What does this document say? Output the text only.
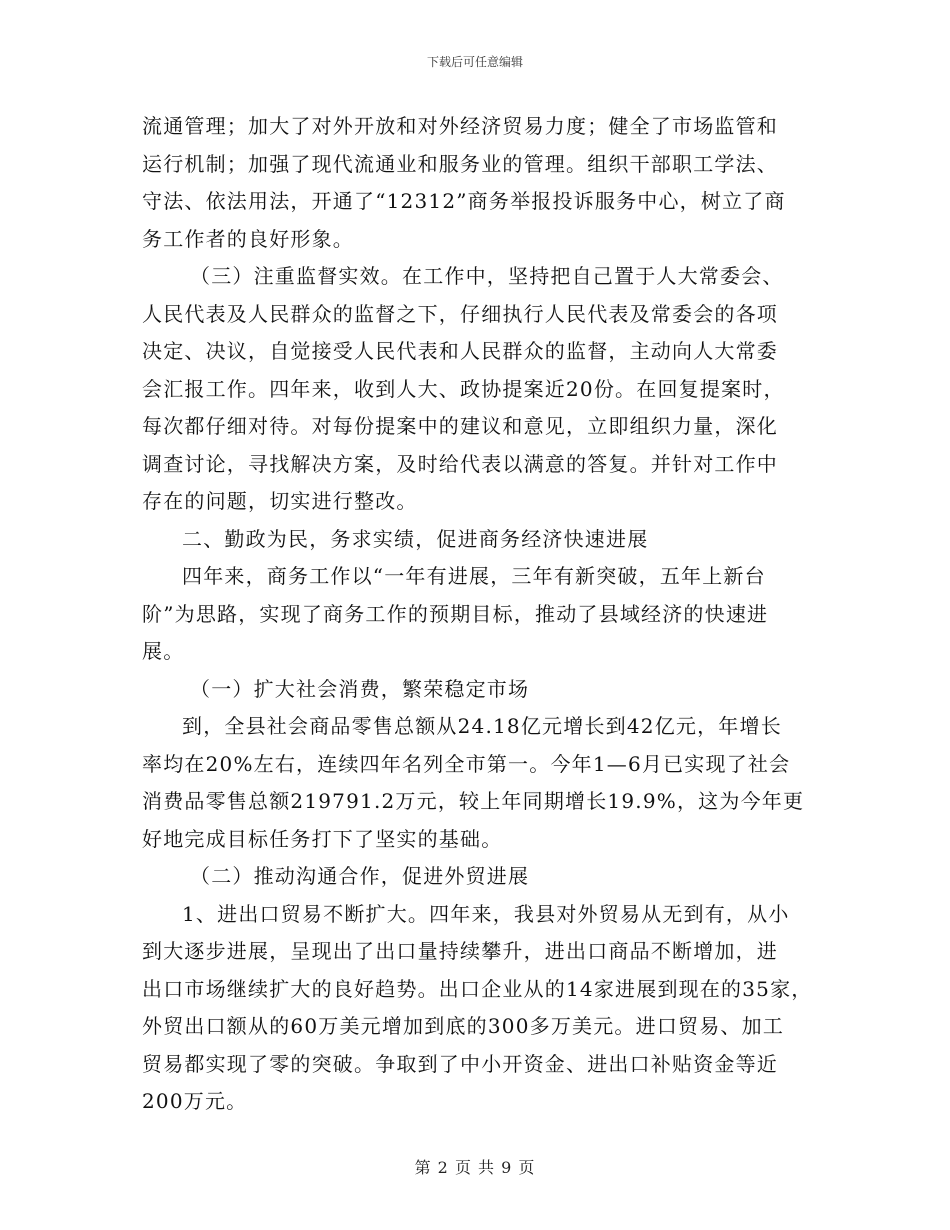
下载后可任意编辑
流通管理；加大了对外开放和对外经济贸易力度；健全了市场监管和
运行机制；加强了现代流通业和服务业的管理。组织干部职工学法、
守法、依法用法，开通了“12312”商务举报投诉服务中心，树立了商
务工作者的良好形象。
（三）注重监督实效。在工作中，坚持把自己置于人大常委会、
人民代表及人民群众的监督之下，仔细执行人民代表及常委会的各项
决定、决议，自觉接受人民代表和人民群众的监督，主动向人大常委
会汇报工作。四年来，收到人大、政协提案近20份。在回复提案时，
每次都仔细对待。对每份提案中的建议和意见，立即组织力量，深化
调查讨论，寻找解决方案，及时给代表以满意的答复。并针对工作中
存在的问题，切实进行整改。
二、勤政为民，务求实绩，促进商务经济快速进展
四年来，商务工作以“一年有进展，三年有新突破，五年上新台
阶”为思路，实现了商务工作的预期目标，推动了县域经济的快速进
展。
（一）扩大社会消费，繁荣稳定市场
到，全县社会商品零售总额从24.18亿元增长到42亿元，年增长
率均在20%左右，连续四年名列全市第一。今年1—6月已实现了社会
消费品零售总额219791.2万元，较上年同期增长19.9%，这为今年更
好地完成目标任务打下了坚实的基础。
（二）推动沟通合作，促进外贸进展
1、进出口贸易不断扩大。四年来，我县对外贸易从无到有，从小
到大逐步进展，呈现出了出口量持续攀升，进出口商品不断增加，进
出口市场继续扩大的良好趋势。出口企业从的14家进展到现在的35家，
外贸出口额从的60万美元增加到底的300多万美元。进口贸易、加工
贸易都实现了零的突破。争取到了中小开资金、进出口补贴资金等近
200万元。
第 2 页 共 9 页
